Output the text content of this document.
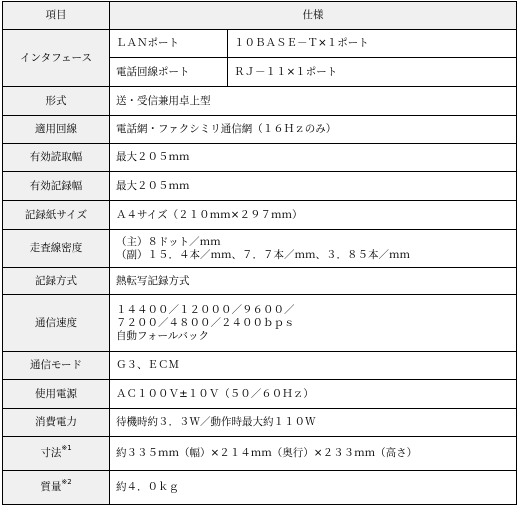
項目	仕様	
インタフェース	ＬＡＮポート	１０ＢＡＳＥ－Ｔ×１ポート
	電話回線ポート	ＲＪ－１１×１ポート
形式	送・受信兼用卓上型	

適用回線	電話網・ファクシミリ通信網（１６Ｈｚのみ）	

有効読取幅	最大２０５ｍｍ	

有効記録幅	最大２０５ｍｍ	

記録紙サイズ	Ａ４サイズ（２１０ｍｍ×２９７ｍｍ）	

走査線密度	（主）８ドット／ｍｍ
（副）１５．４本／ｍｍ、７．７本／ｍｍ、３．８５本／ｍｍ	

記録方式	熱転写記録方式	

通信速度	１４４００／１２０００／９６００／
７２００／４８００／２４００ｂｐｓ
自動フォールバック	

通信モード	Ｇ３、ＥＣＭ	

使用電源	ＡＣ１００Ｖ±１０Ｖ（５０／６０Ｈｚ）	

消費電力	待機時約３．３Ｗ／動作時最大約１１０Ｗ	

寸法$^{※1}$	約３３５ｍｍ（幅）×２１４ｍｍ（奥行）×２３３ｍｍ（高さ）	

質量$^{※2}$	約４．０ｋｇ	
